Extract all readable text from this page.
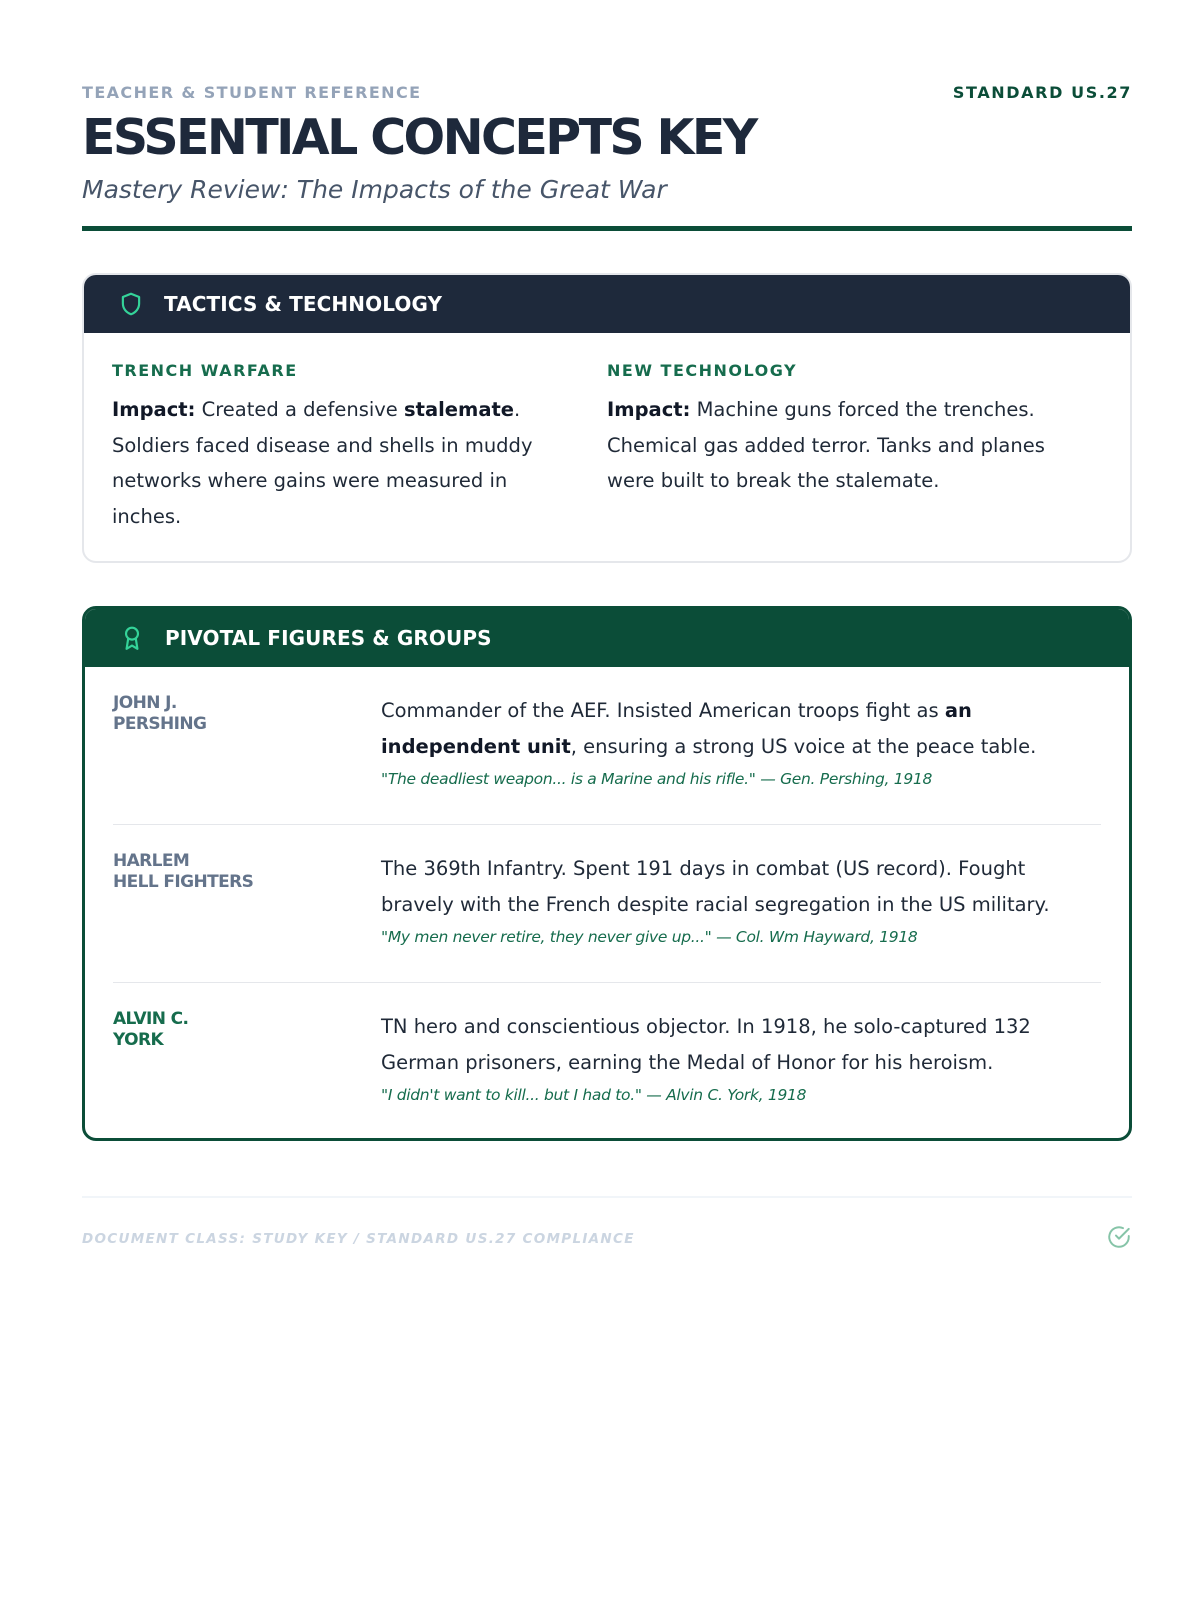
TEACHER & STUDENT REFERENCE	STANDARD US.27
ESSENTIAL CONCEPTS KEY
Mastery Review: The Impacts of the Great War
TACTICS & TECHNOLOGY
TRENCH WARFARE
Impact: Created a defensive stalemate. Soldiers faced disease and shells in muddy networks where gains were measured in inches.
NEW TECHNOLOGY
Impact: Machine guns forced the trenches. Chemical gas added terror. Tanks and planes were built to break the stalemate.
PIVOTAL FIGURES & GROUPS
JOHN J.
PERSHING
Commander of the AEF. Insisted American troops fight as an independent unit, ensuring a strong US voice at the peace table.
"The deadliest weapon... is a Marine and his rifle." — Gen. Pershing, 1918
HARLEM
HELL FIGHTERS
The 369th Infantry. Spent 191 days in combat (US record). Fought bravely with the French despite racial segregation in the US military.
"My men never retire, they never give up..." — Col. Wm Hayward, 1918
ALVIN C.
YORK
TN hero and conscientious objector. In 1918, he solo-captured 132 German prisoners, earning the Medal of Honor for his heroism.
"I didn't want to kill... but I had to." — Alvin C. York, 1918
DOCUMENT CLASS: STUDY KEY / STANDARD US.27 COMPLIANCE
